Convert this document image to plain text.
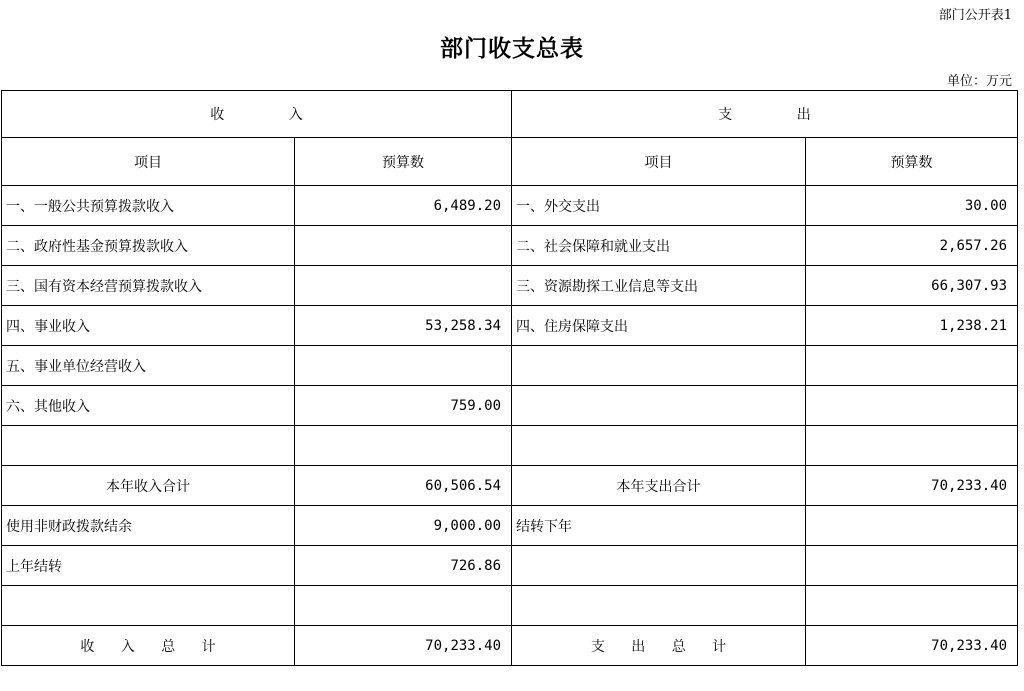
部门公开表1
部门收支总表
单位：万元
收 入		支 出	
项目	预算数	项目	预算数
一、一般公共预算拨款收入	6,489.20	一、外交支出	30.00
二、政府性基金预算拨款收入		二、社会保障和就业支出	2,657.26
三、国有资本经营预算拨款收入		三、资源勘探工业信息等支出	66,307.93
四、事业收入	53,258.34	四、住房保障支出	1,238.21
五、事业单位经营收入			
六、其他收入	759.00		

本年收入合计	60,506.54	本年支出合计	70,233.40
使用非财政拨款结余	9,000.00	结转下年	
上年结转	726.86		

收 入 总 计	70,233.40	支 出 总 计	70,233.40
